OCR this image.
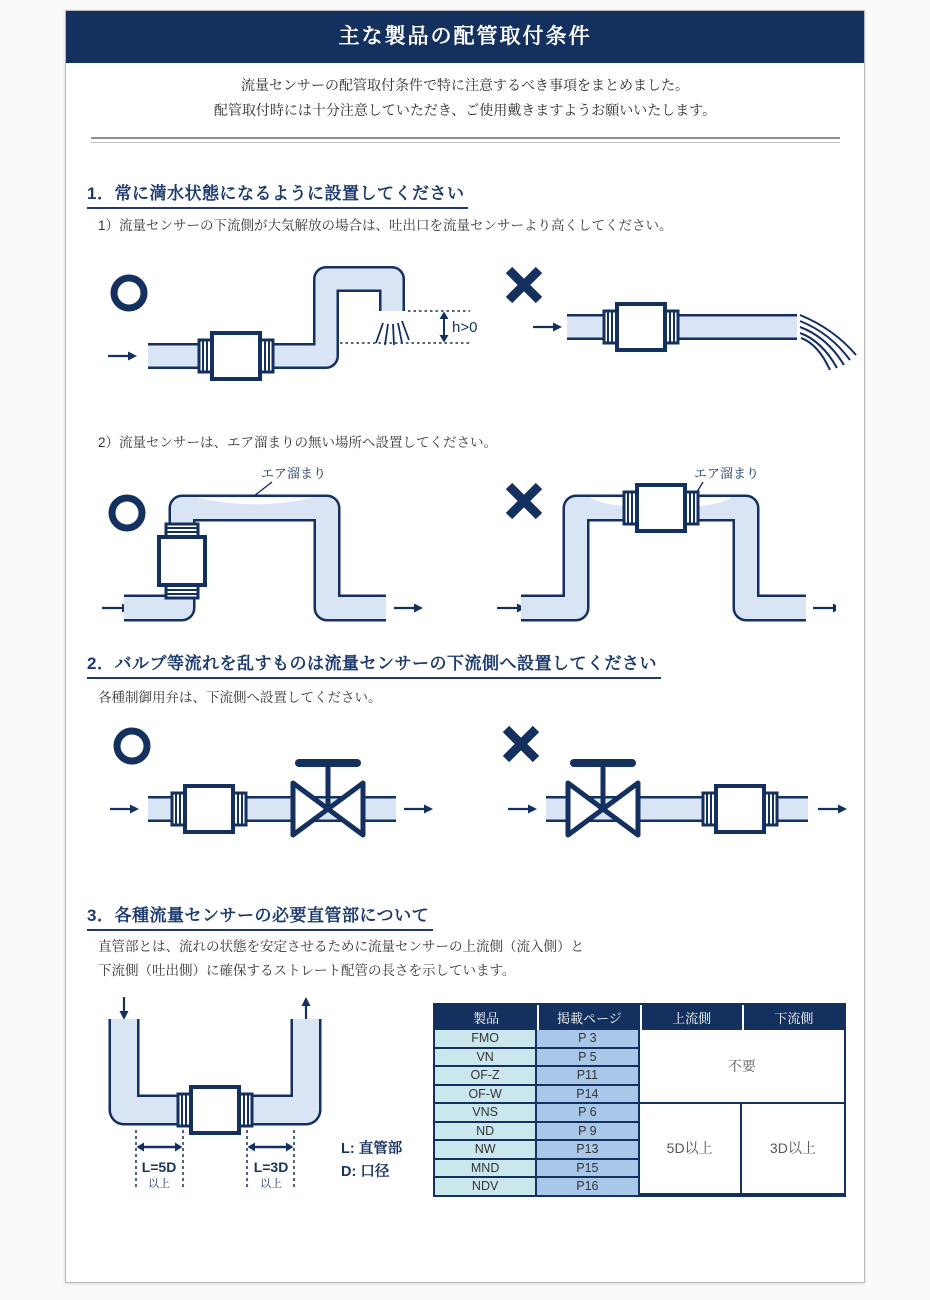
主な製品の配管取付条件
流量センサーの配管取付条件で特に注意するべき事項をまとめました。
配管取付時には十分注意していただき、ご使用戴きますようお願いいたします。
1．常に満水状態になるように設置してください
1）流量センサーの下流側が大気解放の場合は、吐出口を流量センサーより高くしてください。
h>0
2）流量センサーは、エア溜まりの無い場所へ設置してください。
エア溜まり	エア溜まり
2．バルブ等流れを乱すものは流量センサーの下流側へ設置してください
各種制御用弁は、下流側へ設置してください。
3．各種流量センサーの必要直管部について
直管部とは、流れの状態を安定させるために流量センサーの上流側（流入側）と
下流側（吐出側）に確保するストレート配管の長さを示しています。
L=5D
以上
L=3D
以上
L: 直管部
D: 口径
製品	掲載ページ	上流側	下流側
FMO	P 3	不要	
VN	P 5		
OF-Z	P11		
OF-W	P14		
VNS	P 6	5D以上	3D以上
ND	P 9		
NW	P13		
MND	P15		
NDV	P16		
